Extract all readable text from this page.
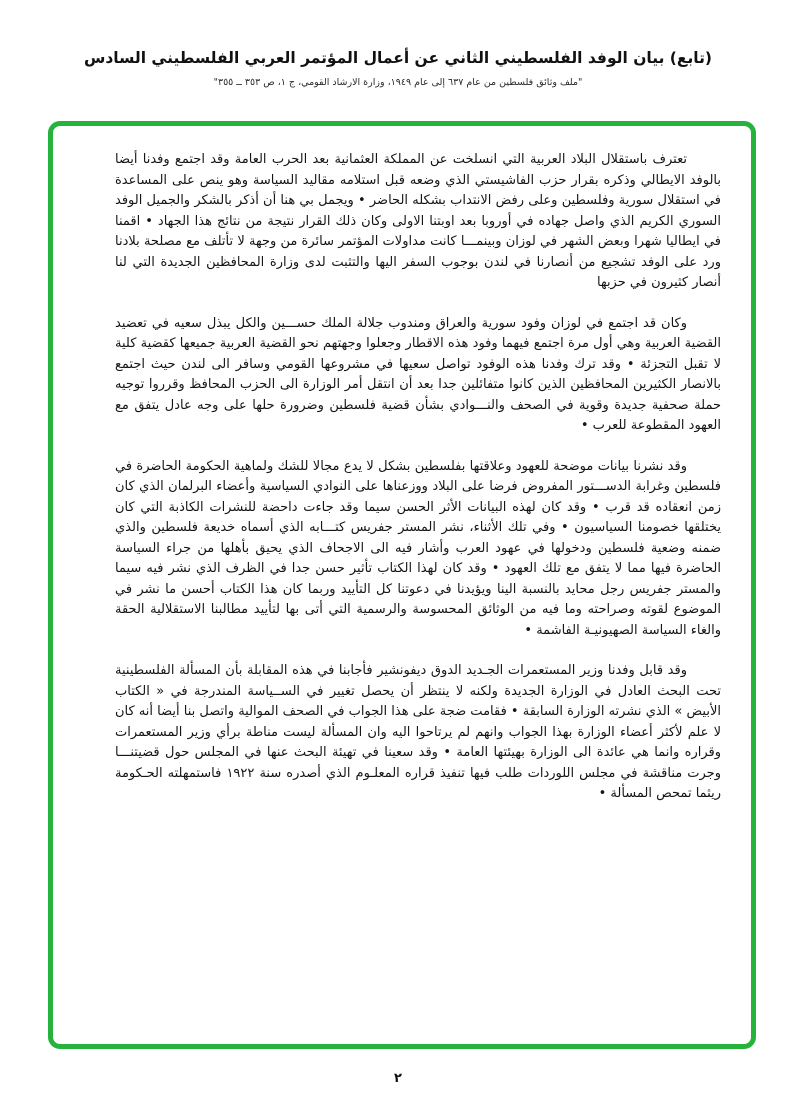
(تابع) بيان الوفد الفلسطيني الثاني عن أعمال المؤتمر العربي الفلسطيني السادس
"ملف وثائق فلسطين من عام ٦٣٧ إلى عام ١٩٤٩، وزارة الارشاد القومي، ج ١، ص ٣٥٣ ــ ٣٥٥"

تعترف باستقلال البلاد العربية التي انسلخت عن المملكة العثمانية بعد الحرب العامة وقد اجتمع وفدنا أيضا بالوفد الايطالي وذكره بقرار حزب الفاشيستي الذي وضعه قبل استلامه مقاليد السياسة وهو ينص على المساعدة في استقلال سورية وفلسطين وعلى رفض الانتداب بشكله الحاضر • ويجمل بي هنا أن أذكر بالشكر والجميل الوفد السوري الكريم الذي واصل جهاده في أوروبا بعد اوبتنا الاولى وكان ذلك القرار نتيجة من نتائج هذا الجهاد • اقمنا في ايطاليا شهرا وبعض الشهر في لوزان وبينمـــا كانت مداولات المؤتمر سائرة من وجهة لا تأتلف مع مصلحة بلادنا ورد على الوفد تشجيع من أنصارنا في لندن بوجوب السفر اليها والتثبت لدى وزارة المحافظين الجديدة التي لنا أنصار كثيرون في حزبها

وكان قد اجتمع في لوزان وفود سورية والعراق ومندوب جلالة الملك حســـين والكل يبذل سعيه في تعضيد القضية العربية وهي أول مرة اجتمع فيهما وفود هذه الاقطار وجعلوا وجهتهم نحو القضية العربية جميعها كقضية كلية لا تقبل التجزئة • وقد ترك وفدنا هذه الوفود تواصل سعيها في مشروعها القومي وسافر الى لندن حيث اجتمع بالانصار الكثيرين المحافظين الذين كانوا متفائلين جدا بعد أن انتقل أمر الوزارة الى الحزب المحافظ وقرروا توجيه حملة صحفية جديدة وقوية في الصحف والنـــوادي بشأن قضية فلسطين وضرورة حلها على وجه عادل يتفق مع العهود المقطوعة للعرب •

وقد نشرنا بيانات موضحة للعهود وعلاقتها بفلسطين بشكل لا يدع مجالا للشك ولماهية الحكومة الحاضرة في فلسطين وغرابة الدســـتور المفروض فرضا على البلاد ووزعناها على النوادي السياسية وأعضاء البرلمان الذي كان زمن انعقاده قد قرب • وقد كان لهذه البيانات الأثر الحسن سيما وقد جاءت داحضة للنشرات الكاذبة التي كان يختلقها خصومنا السياسيون • وفي تلك الأثناء، نشر المستر جفريس كتـــابه الذي أسماه خديعة فلسطين والذي ضمنه وضعية فلسطين ودخولها في عهود العرب وأشار فيه الى الاجحاف الذي يحيق بأهلها من جراء السياسة الحاضرة فيها مما لا يتفق مع تلك العهود • وقد كان لهذا الكتاب تأثير حسن جدا في الظرف الذي نشر فيه سيما والمستر جفريس رجل محايد بالنسبة الينا ويؤيدنا في دعوتنا كل التأييد وربما كان هذا الكتاب أحسن ما نشر في الموضوع لقوته وصراحته وما فيه من الوثائق المحسوسة والرسمية التي أتى بها لتأييد مطالبنا الاستقلالية الحقة والغاء السياسة الصهيونيـة الفاشمة •

وقد قابل وفدنا وزير المستعمرات الجـديد الدوق ديفونشير فأجابنا في هذه المقابلة بأن المسألة الفلسطينية تحت البحث العادل في الوزارة الجديدة ولكنه لا ينتظر أن يحصل تغيير في الســياسة المندرجة في « الكتاب الأبيض » الذي نشرته الوزارة السابقة • فقامت ضجة على هذا الجواب في الصحف الموالية واتصل بنا أيضا أنه كان لا علم لأكثر أعضاء الوزارة بهذا الجواب وانهم لم يرتاحوا اليه وان المسألة ليست مناطة برأي وزير المستعمرات وقراره وانما هي عائدة الى الوزارة بهيئتها العامة • وقد سعينا في تهيئة البحث عنها في المجلس حول قضيتنـــا وجرت مناقشة في مجلس اللوردات طلب فيها تنفيذ قراره المعلـوم الذي أصدره سنة ١٩٢٢ فاستمهلته الحـكومة ريثما تمحص المسألة •

٢
